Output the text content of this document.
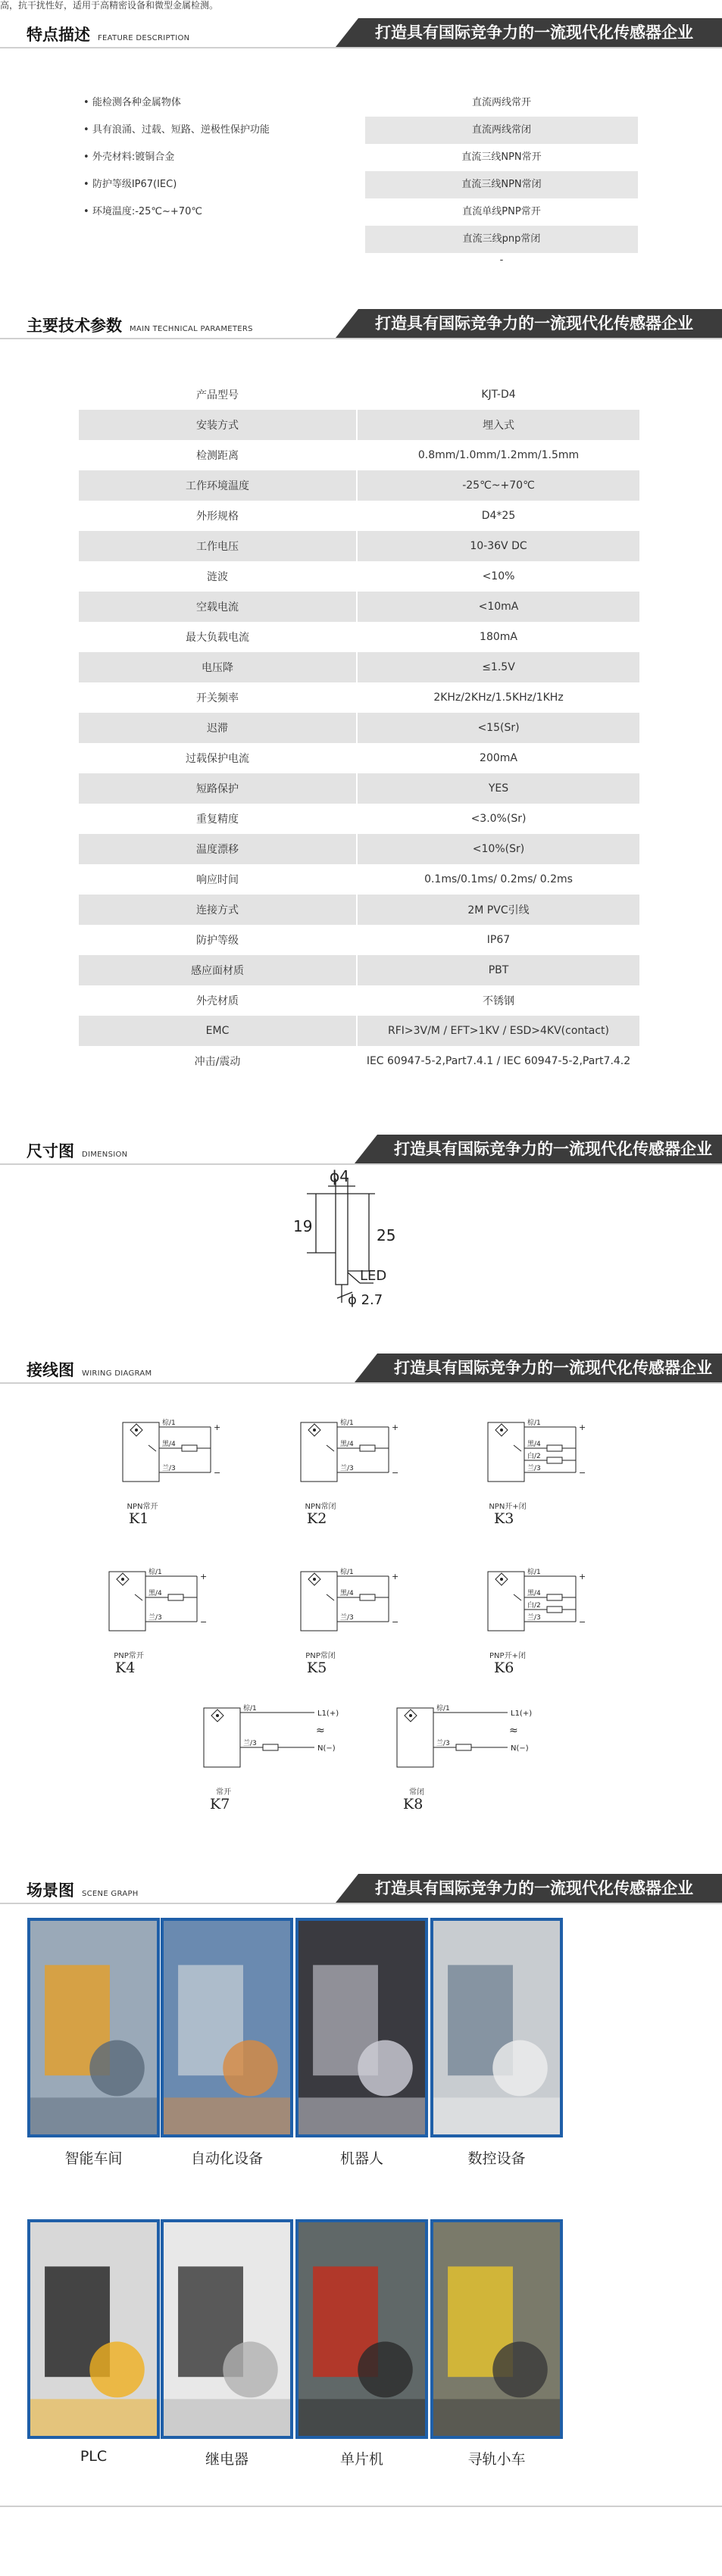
高，抗干扰性好，适用于高精密设备和微型金属检测。
特点描述 FEATURE DESCRIPTION	打造具有国际竞争力的一流现代化传感器企业
• 能检测各种金属物体
• 具有浪涌、过载、短路、逆极性保护功能
• 外壳材料:镀铜合金
• 防护等级IP67(IEC)
• 环境温度:-25℃~+70℃
直流两线常开
直流两线常闭
直流三线NPN常开
直流三线NPN常闭
直流单线PNP常开
直流三线pnp常闭
-
主要技术参数 MAIN TECHNICAL PARAMETERS	打造具有国际竞争力的一流现代化传感器企业
产品型号	KJT-D4
安装方式	埋入式
检测距离	0.8mm/1.0mm/1.2mm/1.5mm
工作环境温度	-25℃~+70℃
外形规格	D4*25
工作电压	10-36V DC
涟波	<10%
空载电流	<10mA
最大负载电流	180mA
电压降	≤1.5V
开关频率	2KHz/2KHz/1.5KHz/1KHz
迟滞	<15(Sr)
过载保护电流	200mA
短路保护	YES
重复精度	<3.0%(Sr)
温度漂移	<10%(Sr)
响应时间	0.1ms/0.1ms/ 0.2ms/ 0.2ms
连接方式	2M PVC引线
防护等级	IP67
感应面材质	PBT
外壳材质	不锈钢
EMC	RFI>3V/M / EFT>1KV / ESD>4KV(contact)
冲击/震动	IEC 60947-5-2,Part7.4.1 / IEC 60947-5-2,Part7.4.2
尺寸图 DIMENSION	打造具有国际竞争力的一流现代化传感器企业
ϕ4
19	25
LED
ϕ 2.7
接线图 WIRING DIAGRAM	打造具有国际竞争力的一流现代化传感器企业
棕/1
黑/4
兰/3
+
−
NPN常开
K1
棕/1
黑/4
兰/3
+
−
NPN常闭
K2
棕/1
黑/4
白/2
兰/3
+
−
NPN开+闭
K3
棕/1
黑/4
兰/3
+
−
PNP常开
K4
棕/1
黑/4
兰/3
+
−
PNP常闭
K5
棕/1
黑/4
白/2
兰/3
+
−
PNP开+闭
K6
棕/1
兰/3
L1(+)
N(−)
≈
常开
K7
棕/1
兰/3
L1(+)
N(−)
≈
常闭
K8
场景图 SCENE GRAPH	打造具有国际竞争力的一流现代化传感器企业
智能车间	自动化设备	机器人	数控设备
PLC	继电器	单片机	寻轨小车
